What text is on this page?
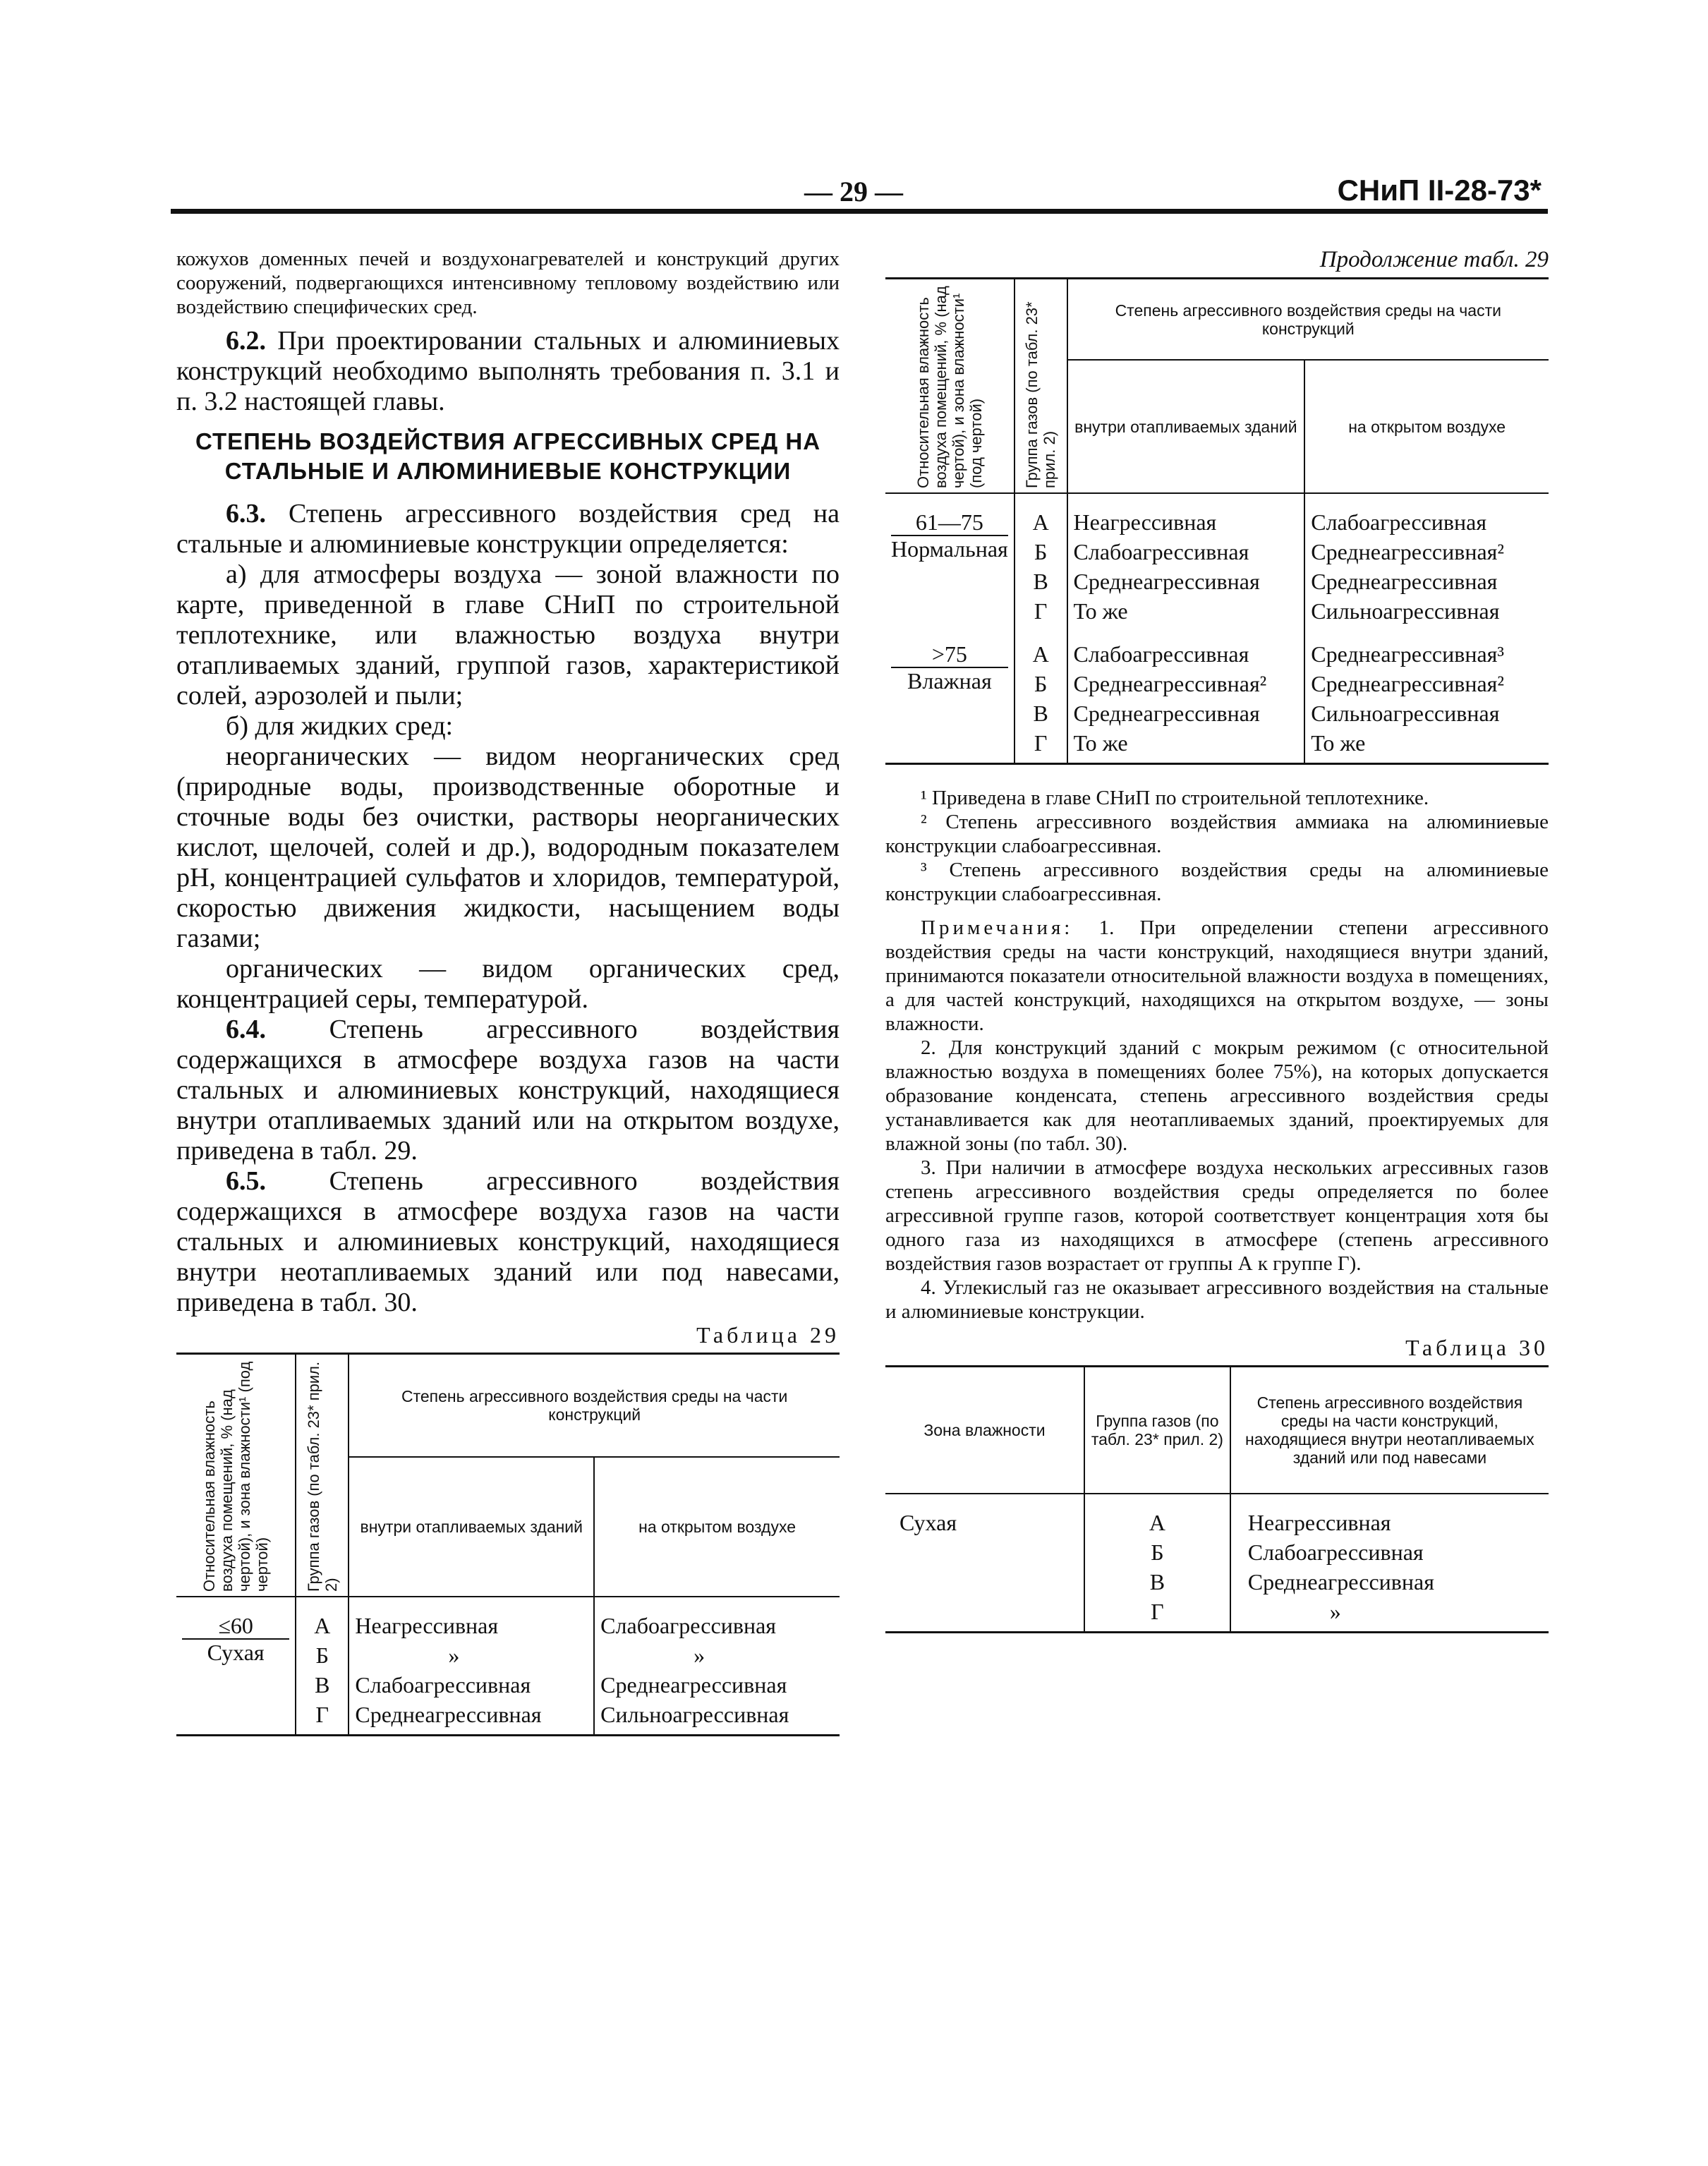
— 29 —	СНиП II-28-73*

кожухов доменных печей и воздухонагревателей и конструкций других сооружений, подвергающихся интенсивному тепловому воздействию или воздействию специфических сред.

6.2. При проектировании стальных и алюминиевых конструкций необходимо выполнять требования п. 3.1 и п. 3.2 настоящей главы.

СТЕПЕНЬ ВОЗДЕЙСТВИЯ АГРЕССИВНЫХ СРЕД НА СТАЛЬНЫЕ И АЛЮМИНИЕВЫЕ КОНСТРУКЦИИ

6.3. Степень агрессивного воздействия сред на стальные и алюминиевые конструкции определяется:

а) для атмосферы воздуха — зоной влажности по карте, приведенной в главе СНиП по строительной теплотехнике, или влажностью воздуха внутри отапливаемых зданий, группой газов, характеристикой солей, аэрозолей и пыли;

б) для жидких сред:

неорганических — видом неорганических сред (природные воды, производственные оборотные и сточные воды без очистки, растворы неорганических кислот, щелочей, солей и др.), водородным показателем pH, концентрацией сульфатов и хлоридов, температурой, скоростью движения жидкости, насыщением воды газами;

органических — видом органических сред, концентрацией серы, температурой.

6.4. Степень агрессивного воздействия содержащихся в атмосфере воздуха газов на части стальных и алюминиевых конструкций, находящиеся внутри отапливаемых зданий или на открытом воздухе, приведена в табл. 29.

6.5. Степень агрессивного воздействия содержащихся в атмосфере воздуха газов на части стальных и алюминиевых конструкций, находящиеся внутри неотапливаемых зданий или под навесами, приведена в табл. 30.

Таблица 29
Относительная влажность воздуха помещений, % (над чертой), и зона влажности¹ (под чертой)	Группа газов (по табл. 23* прил. 2)	Степень агрессивного воздействия среды на части конструкций	
		внутри отапливаемых зданий	на открытом воздухе

≤60
Сухая	А	Неагрессивная	Слабоагрессивная
	Б	»	»
	В	Слабоагрессивная	Среднеагрессивная
	Г	Среднеагрессивная	Сильноагрессивная
Продолжение табл. 29
Относительная влажность воздуха помещений, % (над чертой), и зона влажности¹ (под чертой)	Группа газов (по табл. 23* прил. 2)	Степень агрессивного воздействия среды на части конструкций	
		внутри отапливаемых зданий	на открытом воздухе

61—75
Нормальная	А	Неагрессивная	Слабоагрессивная
	Б	Слабоагрессивная	Среднеагрессивная²
	В	Среднеагрессивная	Среднеагрессивная
	Г	То же	Сильноагрессивная

>75
Влажная	А	Слабоагрессивная	Среднеагрессивная³
	Б	Среднеагрессивная²	Среднеагрессивная²
	В	Среднеагрессивная	Сильноагрессивная
	Г	То же	То же

¹ Приведена в главе СНиП по строительной теплотехнике.

² Степень агрессивного воздействия аммиака на алюминиевые конструкции слабоагрессивная.

³ Степень агрессивного воздействия среды на алюминиевые конструкции слабоагрессивная.

Примечания: 1. При определении степени агрессивного воздействия среды на части конструкций, находящиеся внутри зданий, принимаются показатели относительной влажности воздуха в помещениях, а для частей конструкций, находящихся на открытом воздухе, — зоны влажности.

2. Для конструкций зданий с мокрым режимом (с относительной влажностью воздуха в помещениях более 75%), на которых допускается образование конденсата, степень агрессивного воздействия среды устанавливается как для неотапливаемых зданий, проектируемых для влажной зоны (по табл. 30).

3. При наличии в атмосфере воздуха нескольких агрессивных газов степень агрессивного воздействия среды определяется по более агрессивной группе газов, которой соответствует концентрация хотя бы одного газа из находящихся в атмосфере (степень агрессивного воздействия газов возрастает от группы А к группе Г).

4. Углекислый газ не оказывает агрессивного воздействия на стальные и алюминиевые конструкции.

Таблица 30
Зона влажности	Группа газов (по табл. 23* прил. 2)	Степень агрессивного воздействия среды на части конструкций, находящиеся внутри неотапливаемых зданий или под навесами
Сухая	А	Неагрессивная
	Б	Слабоагрессивная
	В	Среднеагрессивная
	Г	»
